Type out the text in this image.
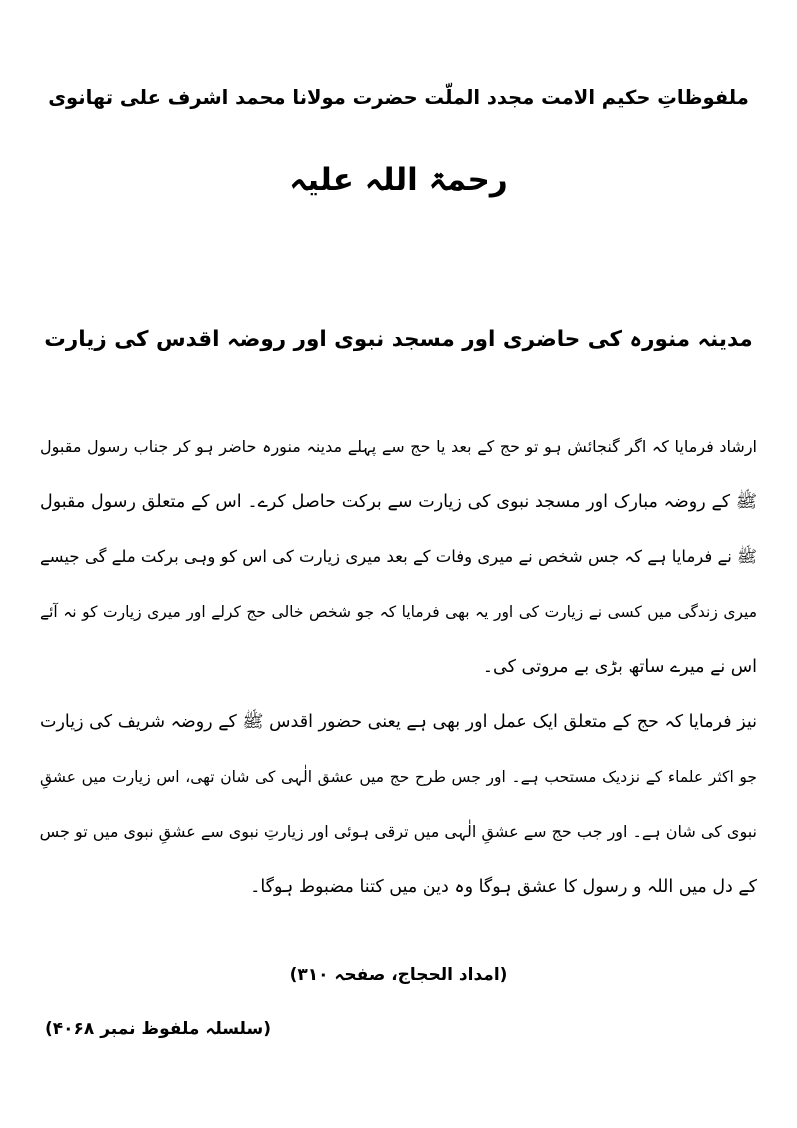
ملفوظاتِ حکیم الامت مجدد الملّت حضرت مولانا محمد اشرف علی تھانوی
رحمۃ اللہ علیہ
مدینہ منورہ کی حاضری اور مسجد نبوی اور روضہ اقدس کی زیارت
ارشاد فرمایا کہ اگر گنجائش ہو تو حج کے بعد یا حج سے پہلے مدینہ منورہ حاضر ہو کر جناب رسول مقبول
ﷺ کے روضہ مبارک اور مسجد نبوی کی زیارت سے برکت حاصل کرے۔ اس کے متعلق رسول مقبول
ﷺ نے فرمایا ہے کہ جس شخص نے میری وفات کے بعد میری زیارت کی اس کو وہی برکت ملے گی جیسے
میری زندگی میں کسی نے زیارت کی اور یہ بھی فرمایا کہ جو شخص خالی حج کرلے اور میری زیارت کو نہ آئے
اس نے میرے ساتھ بڑی بے مروتی کی۔
نیز فرمایا کہ حج کے متعلق ایک عمل اور بھی ہے یعنی حضور اقدس ﷺ کے روضہ شریف کی زیارت
جو اکثر علماء کے نزدیک مستحب ہے۔ اور جس طرح حج میں عشق الٰہی کی شان تھی، اس زیارت میں عشقِ
نبوی کی شان ہے۔ اور جب حج سے عشقِ الٰہی میں ترقی ہوئی اور زیارتِ نبوی سے عشقِ نبوی میں تو جس
کے دل میں اللہ و رسول کا عشق ہوگا وہ دین میں کتنا مضبوط ہوگا۔
(امداد الحجاج، صفحہ ۳۱۰)
(سلسلہ ملفوظ نمبر ۴۰۶۸)
